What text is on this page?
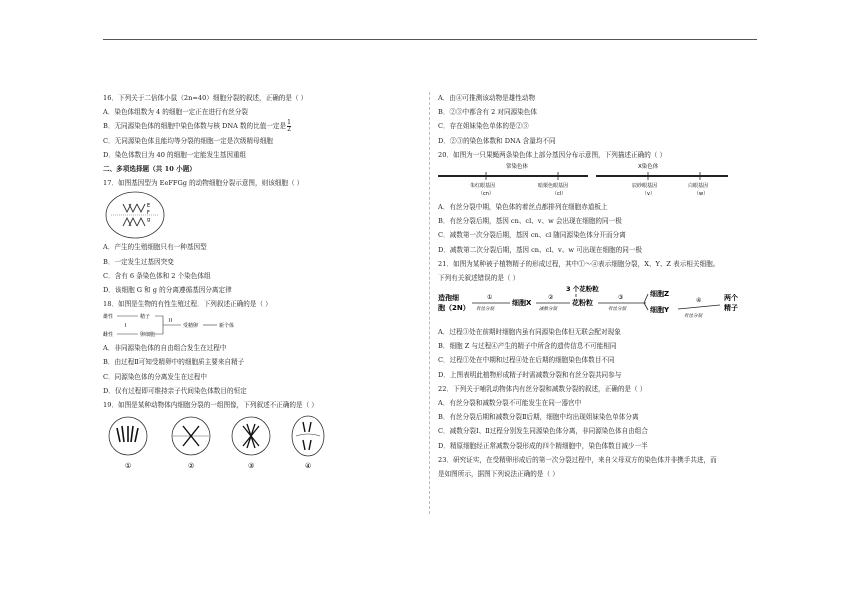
16．下列关于二倍体小鼠（2n=40）细胞分裂的叙述，正确的是（ ）
A．染色体组数为 4 的细胞一定正在进行有丝分裂
B．无同源染色体的细胞中染色体数与核 DNA 数的比值一定是 $\frac{1}{2}$
C．无同源染色体且能均等分裂的细胞一定是次级精母细胞
D．染色体数目为 40 的细胞一定能发生基因重组
二、多项选择题（共 10 小题）
17．如图基因型为 EeFFGg 的动物细胞分裂示意图，则该细胞（ ）
E
F
g
A．产生的生殖细胞只有一种基因型
B．一定发生过基因突变
C．含有 6 条染色体和 2 个染色体组
D．该细胞 G 和 g 的分离遵循基因分离定律
18．如图是生物的有性生殖过程．下列叙述正确的是（ ）
雄性
雌性
I
精子
卵细胞
II
受精卵	新个体
A．非同源染色体的自由组合发生在过程中
B．由过程Ⅱ可知受精卵中的细胞质主要来自精子
C．同源染色体的分离发生在过程中
D．仅有过程即可维持亲子代间染色体数目的恒定
19．如图是某种动物体内细胞分裂的一组图像，下列叙述不正确的是（ ）
①	②	③	④
A．由④可推测该动物是雄性动物
B．②③中都含有 2 对同源染色体
C．存在姐妹染色单体的是②③
D．②③的染色体数和 DNA 含量均不同
20．如图为一只果蝇两条染色体上部分基因分布示意图，下列描述正确的（ ）
常染色体	X染色体
朱红眼基因
（cn）
暗栗色眼基因
（cl）
辰砂眼基因
（v）
白眼基因
（w）
A．有丝分裂中期，染色体的着丝点都排列在细胞赤道板上
B．有丝分裂后期，基因 cn、cl、v、w 会出现在细胞的同一极
C．减数第一次分裂后期，基因 cn、cl 随同源染色体分开而分离
D．减数第二次分裂后期，基因 cn、cl、v、w 可出现在细胞的同一极
21．如图为某种被子植物精子的形成过程，其中①～④表示细胞分裂，X、Y、Z 表示相关细胞。
下列有关叙述错误的是（ ）
造孢细
胞（2N）
细胞X
3 个花粉粒
花粉粒
细胞Z
细胞Y
两个
精子
①
有丝分裂
②
减数分裂
③
有丝分裂
④
有丝分裂
A．过程③处在前期时细胞内虽有同源染色体但无联会配对现象
B．细胞 Z 与过程④产生的精子中所含的遗传信息不可能相同
C．过程①处在中期和过程④处在后期的细胞染色体数目不同
D．上图表明此植物形成精子时需减数分裂和有丝分裂共同参与
22．下列关于哺乳动物体内有丝分裂和减数分裂的叙述，正确的是（ ）
A．有丝分裂和减数分裂不可能发生在同一器官中
B．有丝分裂后期和减数分裂Ⅱ后期，细胞中均出现姐妹染色单体分离
C．减数分裂Ⅰ、Ⅱ过程分别发生同源染色体分离，非同源染色体自由组合
D．精原细胞经正常减数分裂形成的四个精细胞中，染色体数目减少一半
23．研究证实，在受精卵形成后的第一次分裂过程中，来自父母双方的染色体并非携手共进，而
是如图所示，据图下列说法正确的是（ ）
